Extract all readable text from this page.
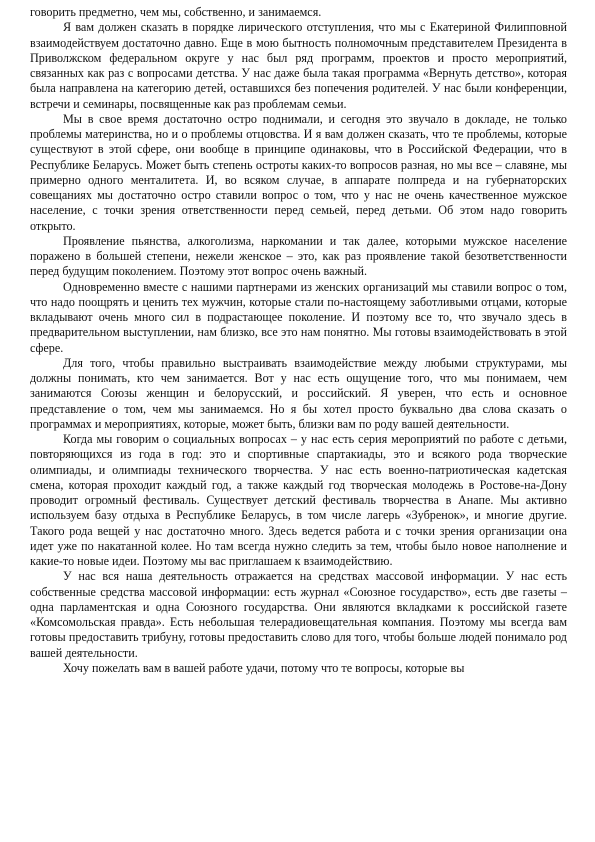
говорить предметно, чем мы, собственно, и занимаемся.

Я вам должен сказать в порядке лирического отступления, что мы с Екатериной Филипповной взаимодействуем достаточно давно. Еще в мою бытность полномочным представителем Президента в Приволжском федеральном округе у нас был ряд программ, проектов и просто мероприятий, связанных как раз с вопросами детства. У нас даже была такая программа «Вернуть детство», которая была направлена на категорию детей, оставшихся без попечения родителей. У нас были конференции, встречи и семинары, посвященные как раз проблемам семьи.

Мы в свое время достаточно остро поднимали, и сегодня это звучало в докладе, не только проблемы материнства, но и о проблемы отцовства. И я вам должен сказать, что те проблемы, которые существуют в этой сфере, они вообще в принципе одинаковы, что в Российской Федерации, что в Республике Беларусь. Может быть степень остроты каких-то вопросов разная, но мы все – славяне, мы примерно одного менталитета. И, во всяком случае, в аппарате полпреда и на губернаторских совещаниях мы достаточно остро ставили вопрос о том, что у нас не очень качественное мужское население, с точки зрения ответственности перед семьей, перед детьми. Об этом надо говорить открыто.

Проявление пьянства, алкоголизма, наркомании и так далее, которыми мужское население поражено в большей степени, нежели женское – это, как раз проявление такой безответственности перед будущим поколением. Поэтому этот вопрос очень важный.

Одновременно вместе с нашими партнерами из женских организаций мы ставили вопрос о том, что надо поощрять и ценить тех мужчин, которые стали по-настоящему заботливыми отцами, которые вкладывают очень много сил в подрастающее поколение. И поэтому все то, что звучало здесь в предварительном выступлении, нам близко, все это нам понятно. Мы готовы взаимодействовать в этой сфере.

Для того, чтобы правильно выстраивать взаимодействие между любыми структурами, мы должны понимать, кто чем занимается. Вот у нас есть ощущение того, что мы понимаем, чем занимаются Союзы женщин и белорусский, и российский. Я уверен, что есть и основное представление о том, чем мы занимаемся. Но я бы хотел просто буквально два слова сказать о программах и мероприятиях, которые, может быть, близки вам по роду вашей деятельности.

Когда мы говорим о социальных вопросах – у нас есть серия мероприятий по работе с детьми, повторяющихся из года в год: это и спортивные спартакиады, это и всякого рода творческие олимпиады, и олимпиады технического творчества. У нас есть военно-патриотическая кадетская смена, которая проходит каждый год, а также каждый год творческая молодежь в Ростове-на-Дону проводит огромный фестиваль. Существует детский фестиваль творчества в Анапе. Мы активно используем базу отдыха в Республике Беларусь, в том числе лагерь «Зубренок», и многие другие. Такого рода вещей у нас достаточно много. Здесь ведется работа и с точки зрения организации она идет уже по накатанной колее. Но там всегда нужно следить за тем, чтобы было новое наполнение и какие-то новые идеи. Поэтому мы вас приглашаем к взаимодействию.

У нас вся наша деятельность отражается на средствах массовой информации. У нас есть собственные средства массовой информации: есть журнал «Союзное государство», есть две газеты – одна парламентская и одна Союзного государства. Они являются вкладками к российской газете «Комсомольская правда». Есть небольшая телерадиовещательная компания. Поэтому мы всегда вам готовы предоставить трибуну, готовы предоставить слово для того, чтобы больше людей понимало род вашей деятельности.

Хочу пожелать вам в вашей работе удачи, потому что те вопросы, которые вы
